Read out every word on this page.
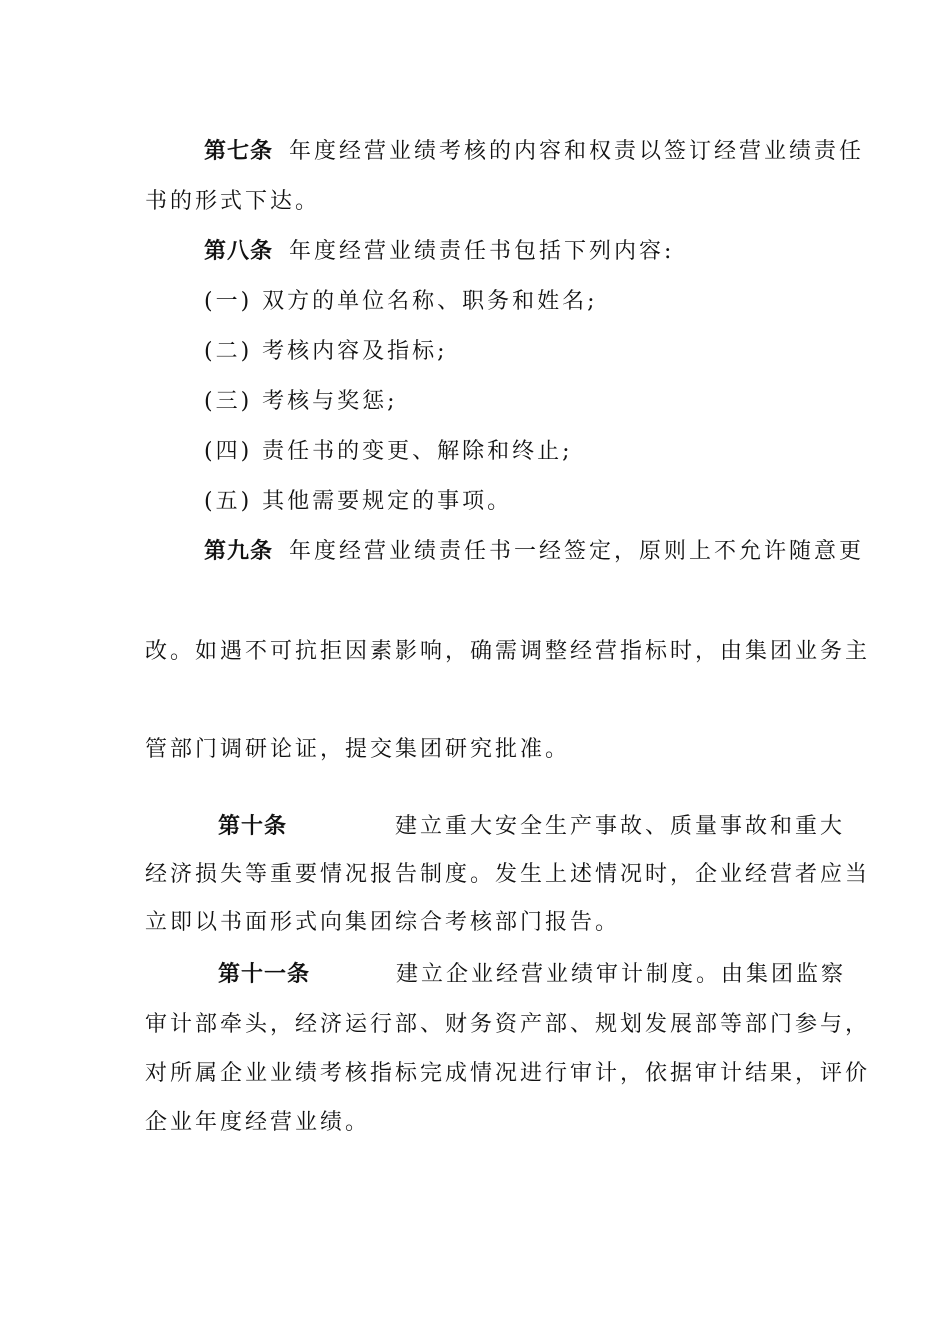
第七条 年度经营业绩考核的内容和权责以签订经营业绩责任
书的形式下达。
第八条 年度经营业绩责任书包括下列内容:
(一) 双方的单位名称、职务和姓名;
(二) 考核内容及指标;
(三) 考核与奖惩;
(四) 责任书的变更、解除和终止;
(五) 其他需要规定的事项。
第九条 年度经营业绩责任书一经签定，原则上不允许随意更
改。如遇不可抗拒因素影响，确需调整经营指标时，由集团业务主
管部门调研论证，提交集团研究批准。
第十条	建立重大安全生产事故、质量事故和重大
经济损失等重要情况报告制度。发生上述情况时，企业经营者应当
立即以书面形式向集团综合考核部门报告。
第十一条	建立企业经营业绩审计制度。由集团监察
审计部牵头，经济运行部、财务资产部、规划发展部等部门参与，
对所属企业业绩考核指标完成情况进行审计，依据审计结果，评价
企业年度经营业绩。
